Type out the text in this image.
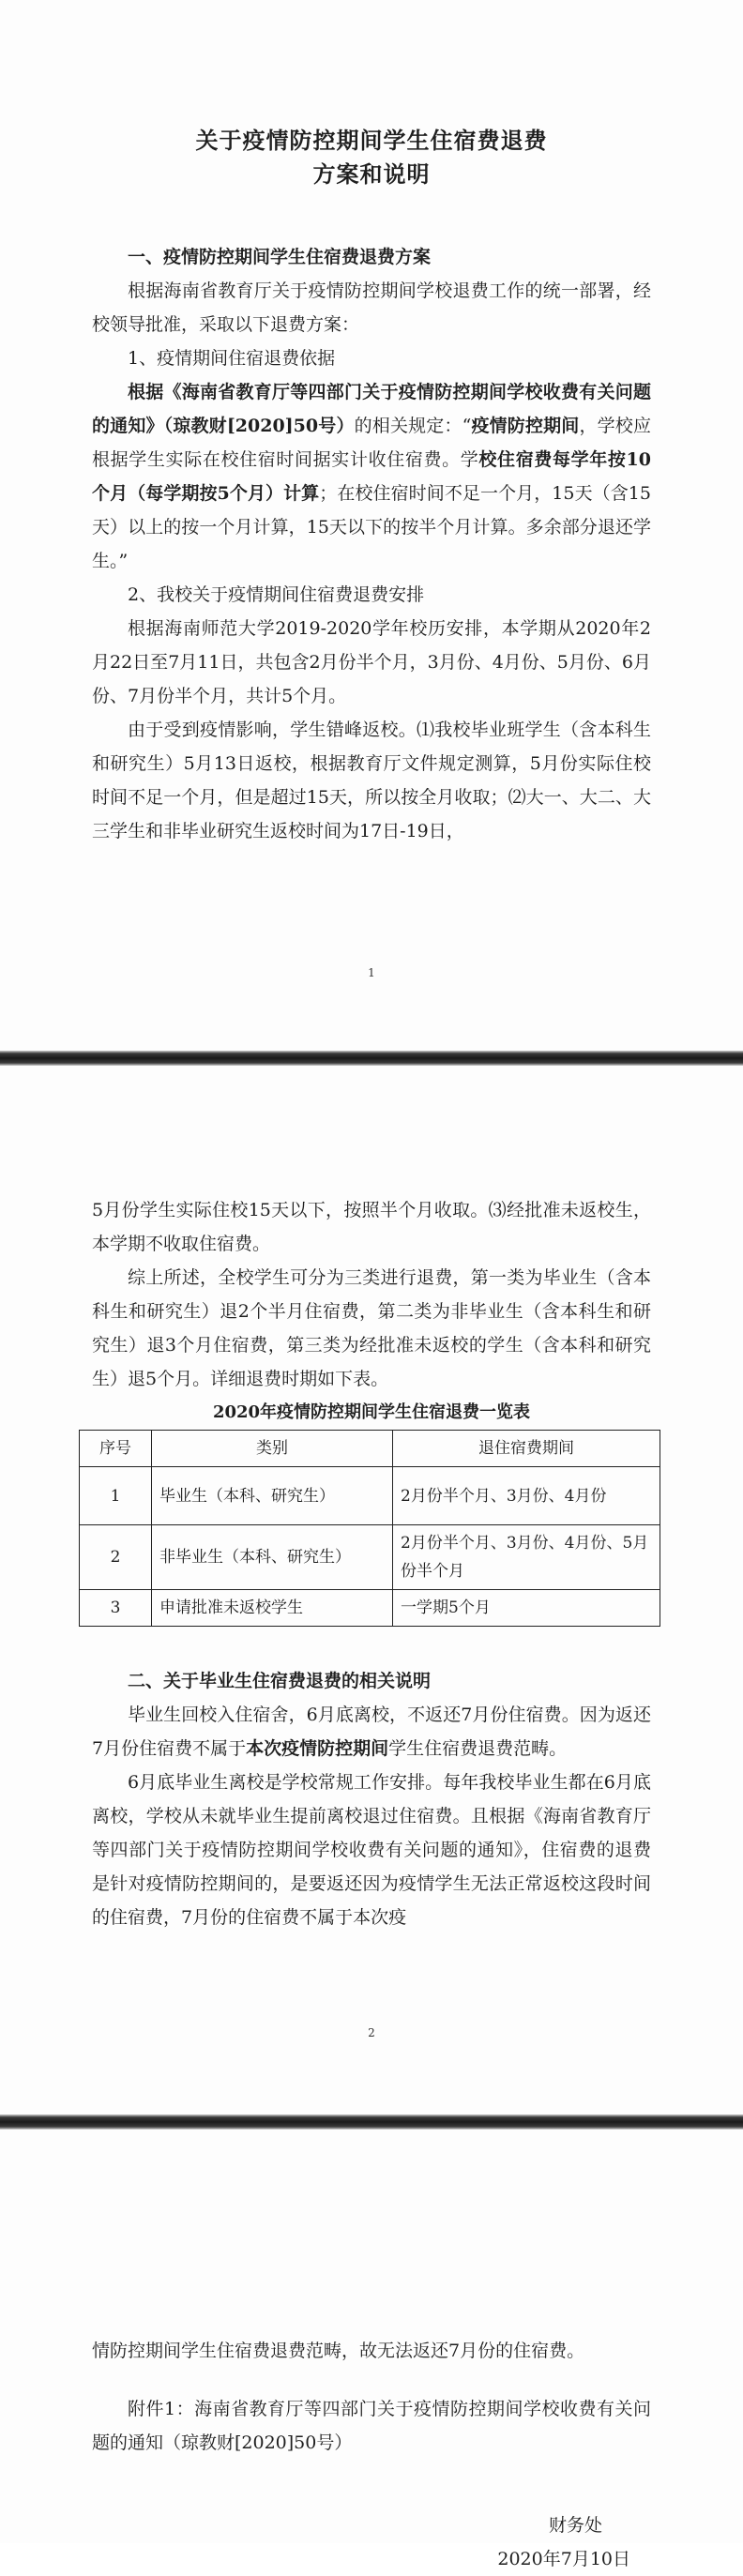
关于疫情防控期间学生住宿费退费

方案和说明

一、疫情防控期间学生住宿费退费方案

根据海南省教育厅关于疫情防控期间学校退费工作的统一部署，经校领导批准，采取以下退费方案：

1、疫情期间住宿退费依据

根据《海南省教育厅等四部门关于疫情防控期间学校收费有关问题的通知》（琼教财[2020]50号）的相关规定：“疫情防控期间，学校应根据学生实际在校住宿时间据实计收住宿费。学校住宿费每学年按10个月（每学期按5个月）计算；在校住宿时间不足一个月，15天（含15天）以上的按一个月计算，15天以下的按半个月计算。多余部分退还学生。”

2、我校关于疫情期间住宿费退费安排

根据海南师范大学2019-2020学年校历安排，本学期从2020年2月22日至7月11日，共包含2月份半个月，3月份、4月份、5月份、6月份、7月份半个月，共计5个月。

由于受到疫情影响，学生错峰返校。⑴我校毕业班学生（含本科生和研究生）5月13日返校，根据教育厅文件规定测算，5月份实际住校时间不足一个月，但是超过15天，所以按全月收取；⑵大一、大二、大三学生和非毕业研究生返校时间为17日-19日，

1

5月份学生实际住校15天以下，按照半个月收取。⑶经批准未返校生，本学期不收取住宿费。

综上所述，全校学生可分为三类进行退费，第一类为毕业生（含本科生和研究生）退2个半月住宿费，第二类为非毕业生（含本科生和研究生）退3个月住宿费，第三类为经批准未返校的学生（含本科和研究生）退5个月。详细退费时期如下表。

2020年疫情防控期间学生住宿退费一览表

序号	类别	退住宿费期间
1	毕业生（本科、研究生）	2月份半个月、3月份、4月份
2	非毕业生（本科、研究生）	2月份半个月、3月份、4月份、5月份半个月
3	申请批准未返校学生	一学期5个月

二、关于毕业生住宿费退费的相关说明

毕业生回校入住宿舍，6月底离校，不返还7月份住宿费。因为返还7月份住宿费不属于本次疫情防控期间学生住宿费退费范畴。

6月底毕业生离校是学校常规工作安排。每年我校毕业生都在6月底离校，学校从未就毕业生提前离校退过住宿费。且根据《海南省教育厅等四部门关于疫情防控期间学校收费有关问题的通知》，住宿费的退费是针对疫情防控期间的，是要返还因为疫情学生无法正常返校这段时间的住宿费，7月份的住宿费不属于本次疫

2

情防控期间学生住宿费退费范畴，故无法返还7月份的住宿费。

附件1：海南省教育厅等四部门关于疫情防控期间学校收费有关问题的通知（琼教财[2020]50号）

财务处

2020年7月10日
